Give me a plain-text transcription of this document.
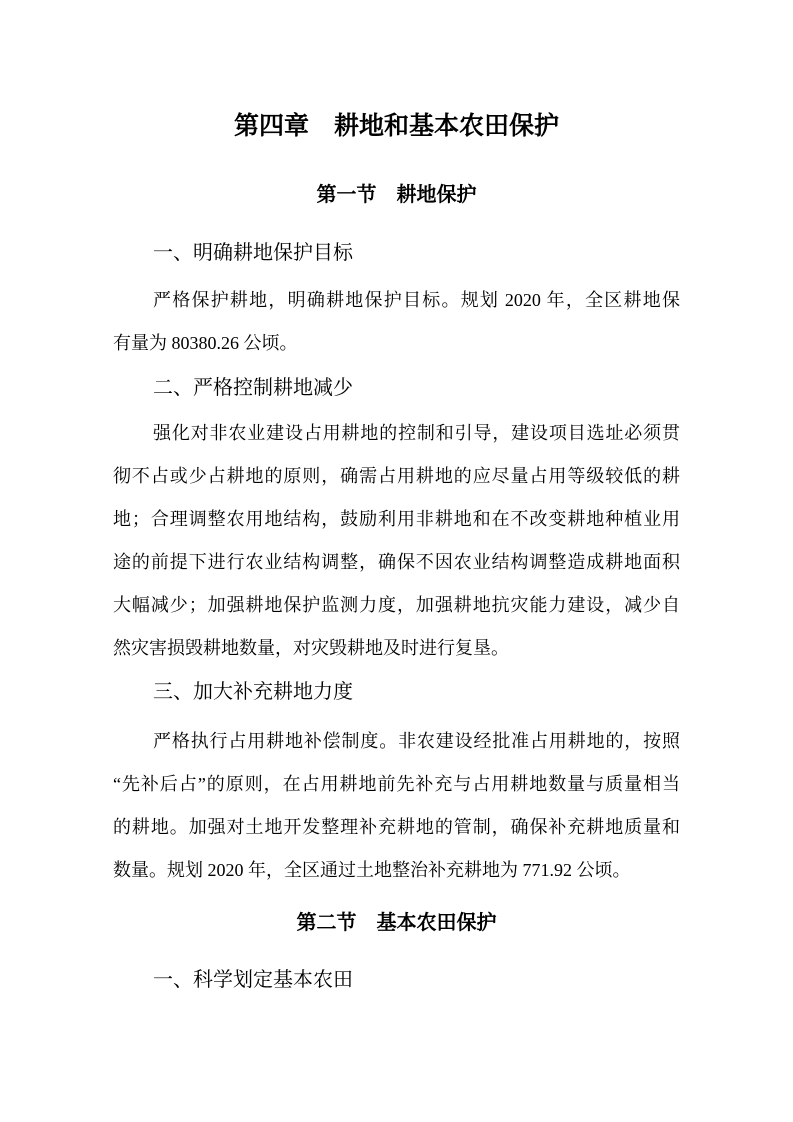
第四章　耕地和基本农田保护
第一节　耕地保护
一、明确耕地保护目标
严格保护耕地，明确耕地保护目标。规划 2020 年，全区耕地保
有量为 80380.26 公顷。
二、严格控制耕地减少
强化对非农业建设占用耕地的控制和引导，建设项目选址必须贯
彻不占或少占耕地的原则，确需占用耕地的应尽量占用等级较低的耕
地；合理调整农用地结构，鼓励利用非耕地和在不改变耕地种植业用
途的前提下进行农业结构调整，确保不因农业结构调整造成耕地面积
大幅减少；加强耕地保护监测力度，加强耕地抗灾能力建设，减少自
然灾害损毁耕地数量，对灾毁耕地及时进行复垦。
三、加大补充耕地力度
严格执行占用耕地补偿制度。非农建设经批准占用耕地的，按照
“先补后占”的原则，在占用耕地前先补充与占用耕地数量与质量相当
的耕地。加强对土地开发整理补充耕地的管制，确保补充耕地质量和
数量。规划 2020 年，全区通过土地整治补充耕地为 771.92 公顷。
第二节　基本农田保护
一、科学划定基本农田
